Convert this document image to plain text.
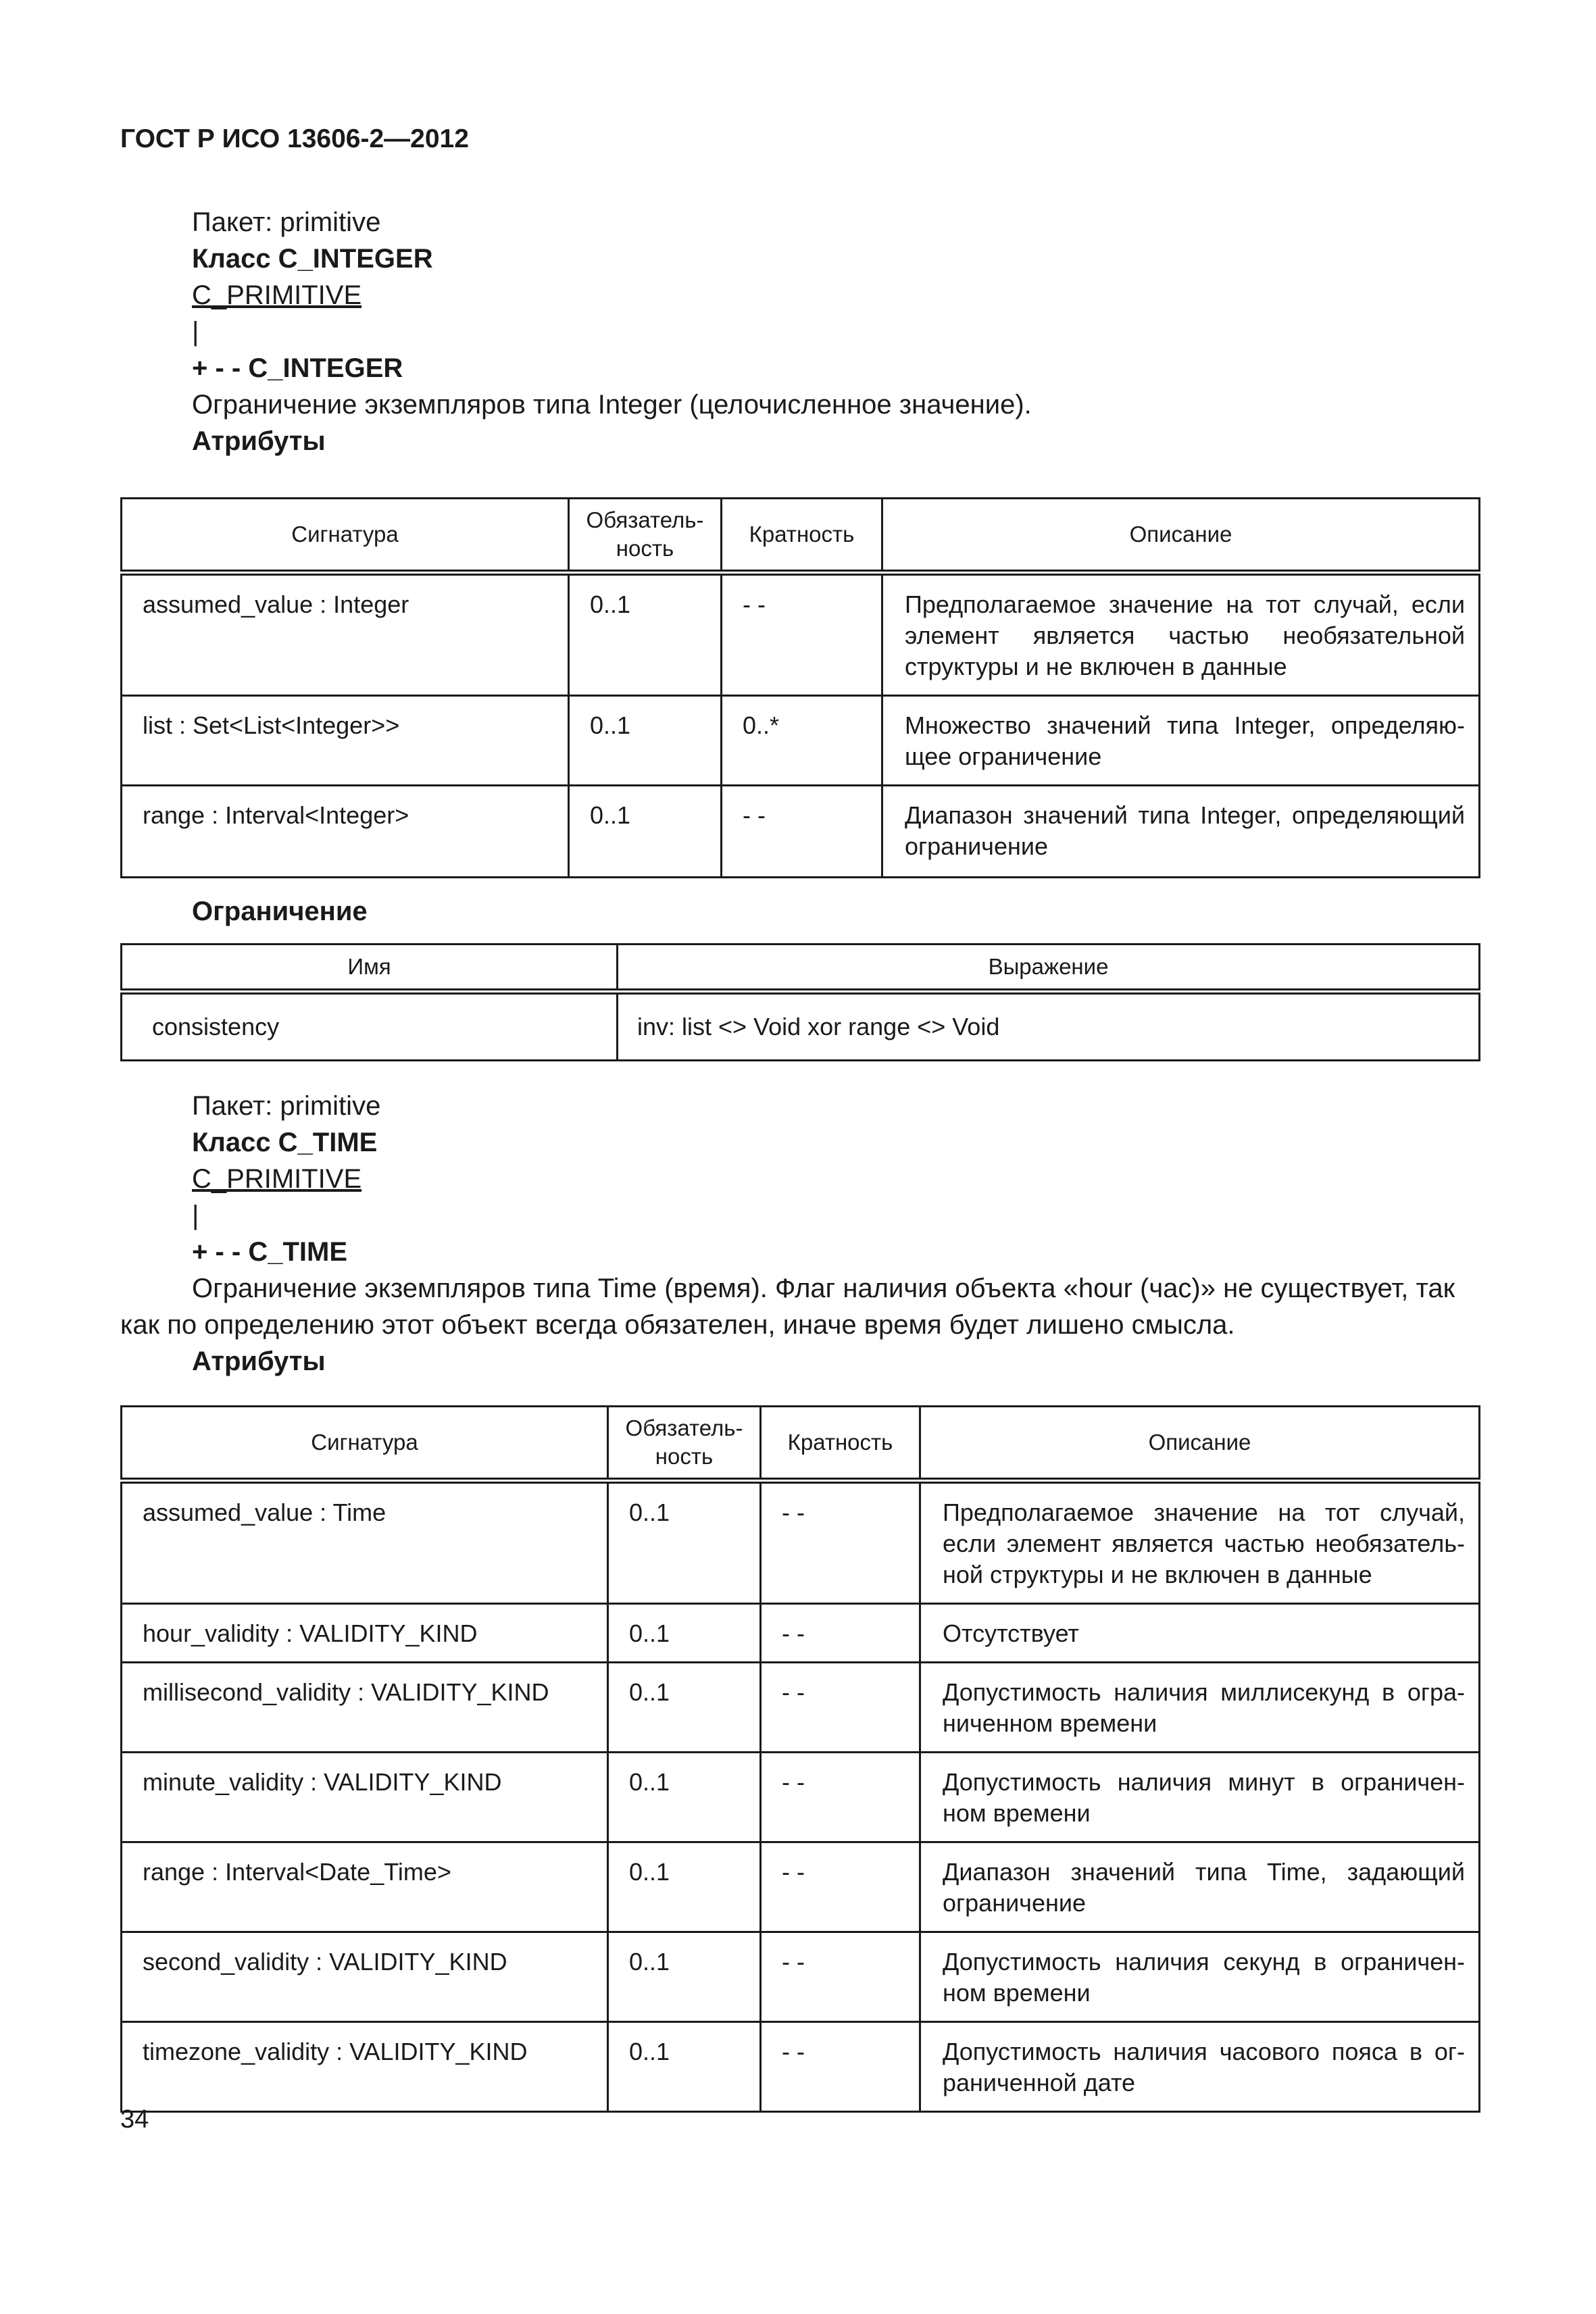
ГОСТ Р ИСО 13606-2—2012
Пакет: primitive
Класс C_INTEGER
C_PRIMITIVE
|
+ - - C_INTEGER
Ограничение экземпляров типа Integer (целочисленное значение).
Атрибуты
Сигнатура	Обязатель-ность	Кратность	Описание

assumed_value : Integer	0..1	- -	Предполагаемое значение на тот случай, если элемент является частью необязательной структуры и не включен в данные

list : Set<List<Integer>>	0..1	0..*	Множество значений типа Integer, определяю-щее ограничение

range : Interval<Integer>	0..1	- -	Диапазон значений типа Integer, определяющий ограничение
Ограничение
Имя	Выражение

consistency	inv: list <> Void xor range <> Void
Пакет: primitive
Класс C_TIME
C_PRIMITIVE
|
+ - - C_TIME
Ограничение экземпляров типа Time (время). Флаг наличия объекта «hour (час)» не существует, так как по определению этот объект всегда обязателен, иначе время будет лишено смысла.
Атрибуты
Сигнатура	Обязатель-ность	Кратность	Описание

assumed_value : Time	0..1	- -	Предполагаемое значение на тот случай, если элемент является частью необязатель-ной структуры и не включен в данные

hour_validity : VALIDITY_KIND	0..1	- -	Отсутствует

millisecond_validity : VALIDITY_KIND	0..1	- -	Допустимость наличия миллисекунд в огра-ниченном времени

minute_validity : VALIDITY_KIND	0..1	- -	Допустимость наличия минут в ограничен-ном времени

range : Interval<Date_Time>	0..1	- -	Диапазон значений типа Time, задающий ограничение

second_validity : VALIDITY_KIND	0..1	- -	Допустимость наличия секунд в ограничен-ном времени

timezone_validity : VALIDITY_KIND	0..1	- -	Допустимость наличия часового пояса в ог-раниченной дате
34
